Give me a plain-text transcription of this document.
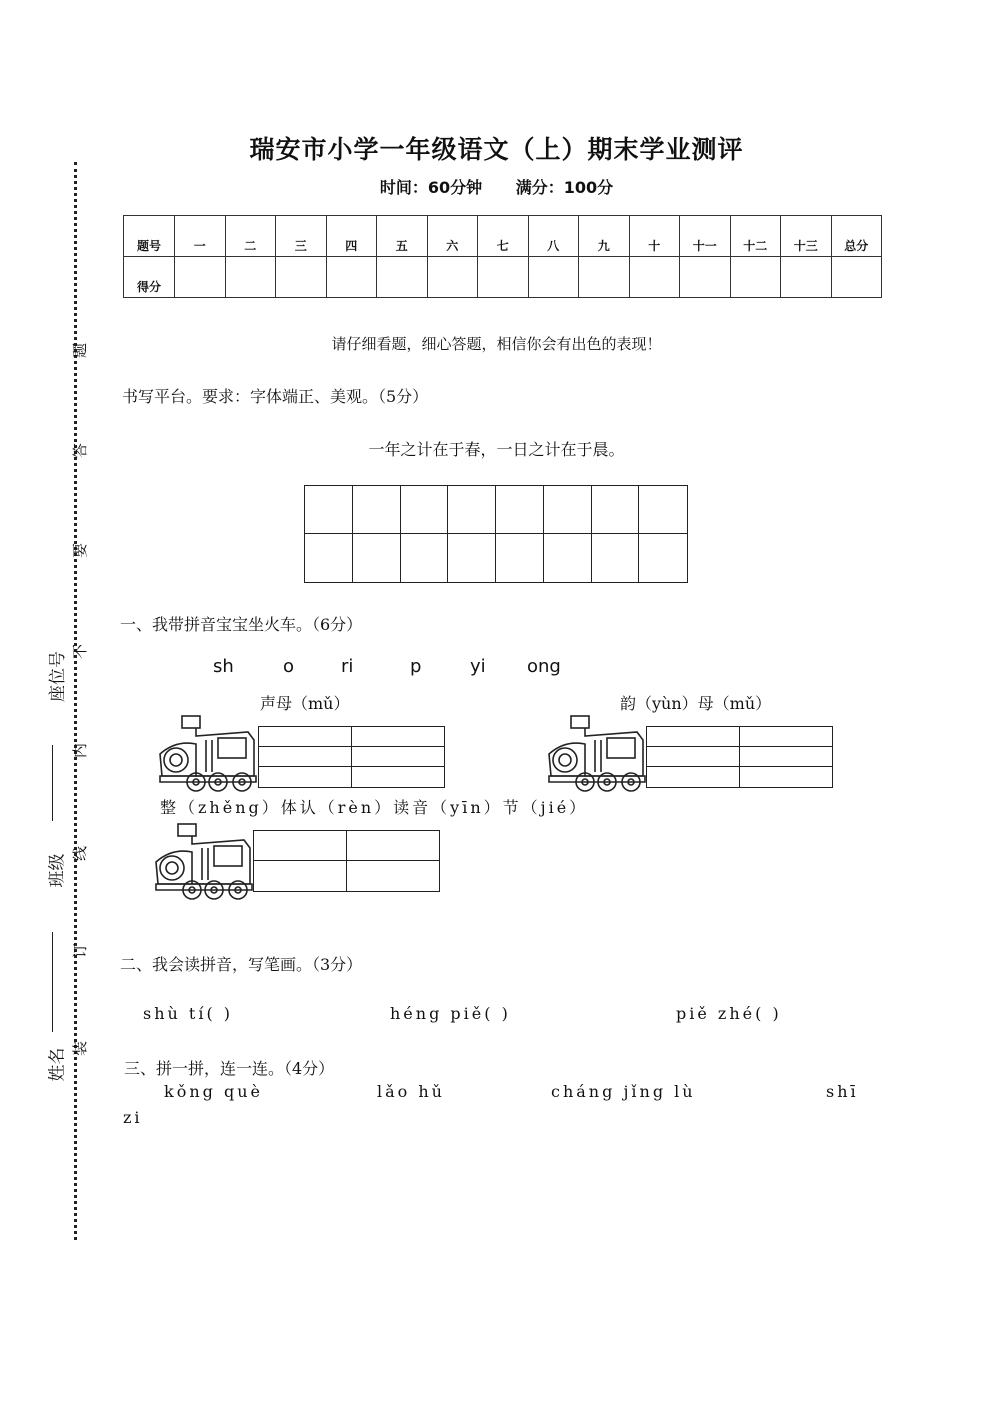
题
答
要
不
内
线
订
装
座位号
班级
姓名
瑞安市小学一年级语文（上）期末学业测评
时间：60分钟 满分：100分
题号	一	二	三	四	五	六	七	八	九	十	十一	十二	十三	总分
得分														
请仔细看题，细心答题，相信你会有出色的表现！
书写平台。要求：字体端正、美观。（5分）
一年之计在于春，一日之计在于晨。
一、我带拼音宝宝坐火车。（6分）
sh	o	ri	p	yi ong
声母（mǔ）	韵（yùn）母（mǔ）
整（zhěng）体认（rèn）读音（yīn）节（jié）
二、我会读拼音，写笔画。（3分）
shù tí( )	héng piě( )	piě zhé( )
三、拼一拼，连一连。（4分）
kǒng què	lǎo hǔ	cháng jǐng lù	shī
zi
